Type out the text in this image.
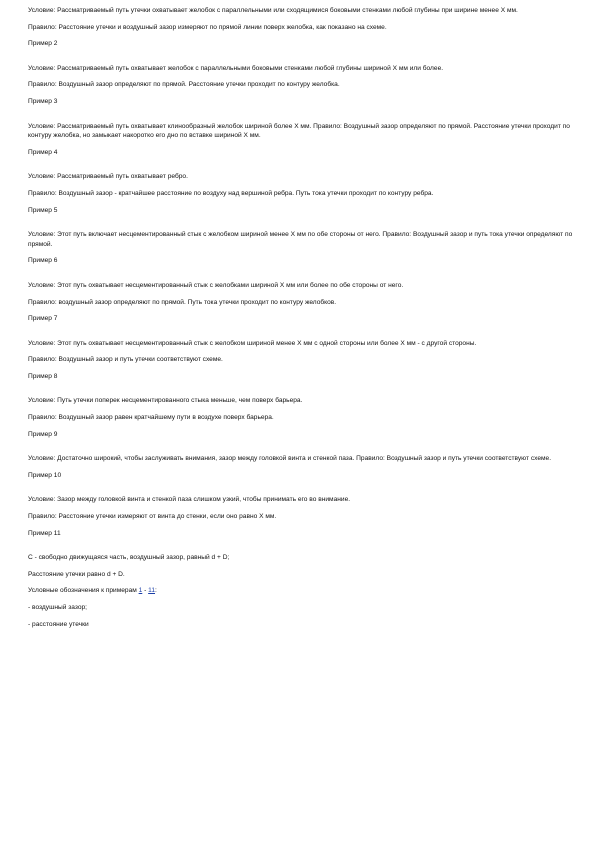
Условие: Рассматриваемый путь утечки охватывает желобок с параллельными или сходящимися боковыми стенками любой глубины при ширине менее X мм.

Правило: Расстояние утечки и воздушный зазор измеряют по прямой линии поверх желобка, как показано на схеме.

Пример 2

Условие: Рассматриваемый путь охватывает желобок с параллельными боковыми стенками любой глубины шириной X мм или более.

Правило: Воздушный зазор определяют по прямой. Расстояние утечки проходит по контуру желобка.

Пример 3

Условие: Рассматриваемый путь охватывает клинообразный желобок шириной более X мм. Правило: Воздушный зазор определяют по прямой. Расстояние утечки проходит по контуру желобка, но замыкает накоротко его дно по вставке шириной X мм.

Пример 4

Условие: Рассматриваемый путь охватывает ребро.

Правило: Воздушный зазор - кратчайшее расстояние по воздуху над вершиной ребра. Путь тока утечки проходит по контуру ребра.

Пример 5

Условие: Этот путь включает несцементированный стык с желобком шириной менее X мм по обе стороны от него. Правило: Воздушный зазор и путь тока утечки определяют по прямой.

Пример 6

Условие: Этот путь охватывает несцементированный стык с желобками шириной X мм или более по обе стороны от него.

Правило: воздушный зазор определяют по прямой. Путь тока утечки проходит по контуру желобков.

Пример 7

Условие: Этот путь охватывает несцементированный стык с желобком шириной менее X мм с одной стороны или более X мм - с другой стороны.

Правило: Воздушный зазор и путь утечки соответствуют схеме.

Пример 8

Условие: Путь утечки поперек несцементированного стыка меньше, чем поверх барьера.

Правило: Воздушный зазор равен кратчайшему пути в воздухе поверх барьера.

Пример 9

Условие: Достаточно широкий, чтобы заслуживать внимания, зазор между головкой винта и стенкой паза. Правило: Воздушный зазор и путь утечки соответствуют схеме.

Пример 10

Условие: Зазор между головкой винта и стенкой паза слишком узкий, чтобы принимать его во внимание.

Правило: Расстояние утечки измеряют от винта до стенки, если оно равно X мм.

Пример 11

С - свободно движущаяся часть, воздушный зазор, равный d + D;

Расстояние утечки равно d + D.

Условные обозначения к примерам 1 - 11:

- воздушный зазор;

- расстояние утечки
